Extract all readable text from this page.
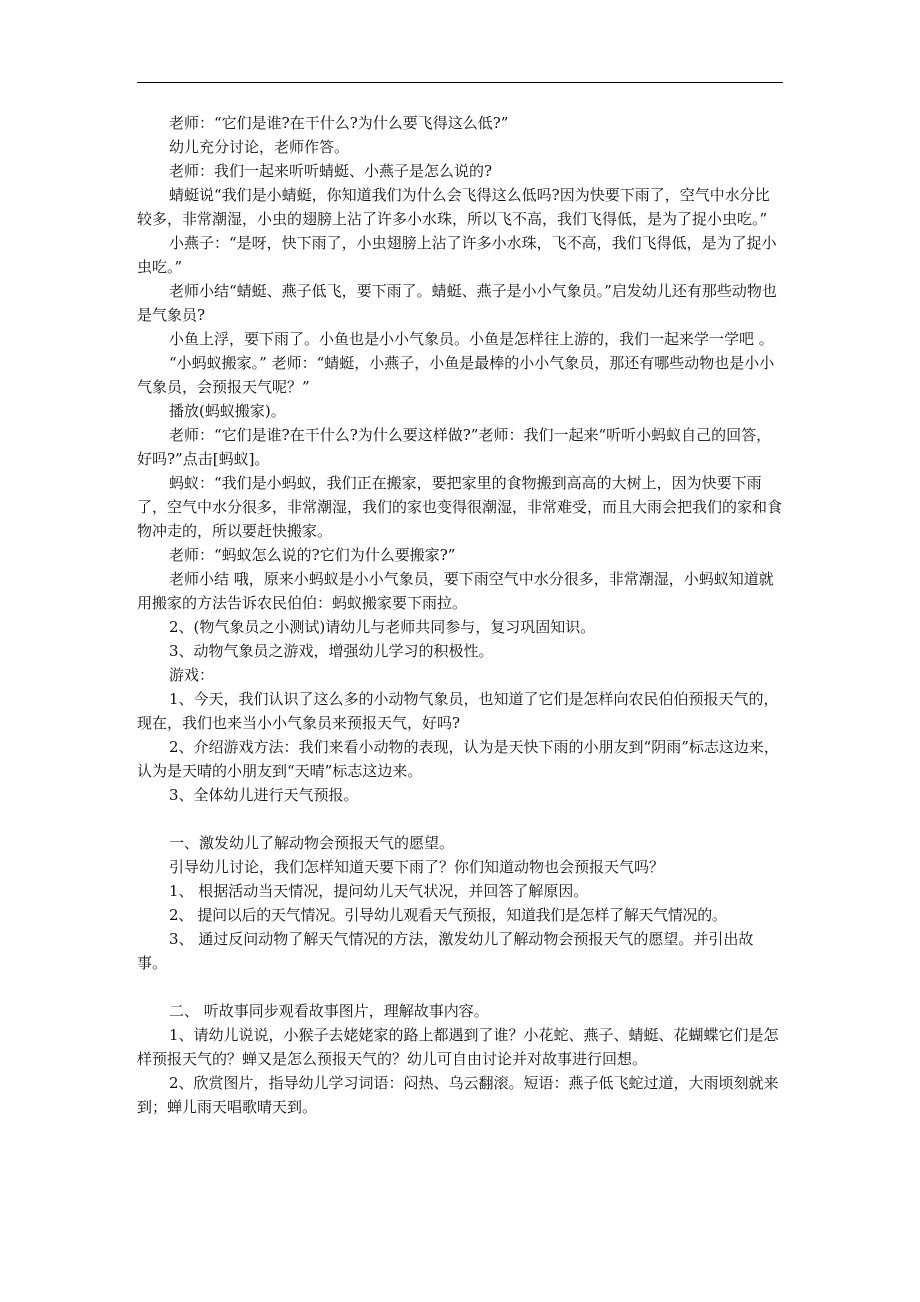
老师：“它们是谁?在干什么?为什么要飞得这么低?”

幼儿充分讨论，老师作答。

老师：我们一起来听听蜻蜓、小燕子是怎么说的?

蜻蜓说“我们是小蜻蜓，你知道我们为什么会飞得这么低吗?因为快要下雨了，空气中水分比较多，非常潮湿，小虫的翅膀上沾了许多小水珠，所以飞不高，我们飞得低，是为了捉小虫吃。”

小燕子：“是呀，快下雨了，小虫翅膀上沾了许多小水珠，飞不高，我们飞得低，是为了捉小虫吃。”

老师小结“蜻蜓、燕子低飞，要下雨了。蜻蜓、燕子是小小气象员。”启发幼儿还有那些动物也是气象员?

小鱼上浮，要下雨了。小鱼也是小小气象员。小鱼是怎样往上游的，我们一起来学一学吧 。

“小蚂蚁搬家。” 老师：“蜻蜓，小燕子，小鱼是最棒的小小气象员，那还有哪些动物也是小小气象员，会预报天气呢？”

播放(蚂蚁搬家)。

老师：“它们是谁?在干什么?为什么要这样做?”老师：我们一起来“听听小蚂蚁自己的回答，好吗?”点击[蚂蚁]。

蚂蚁：“我们是小蚂蚁，我们正在搬家，要把家里的食物搬到高高的大树上，因为快要下雨了，空气中水分很多，非常潮湿，我们的家也变得很潮湿，非常难受，而且大雨会把我们的家和食物冲走的，所以要赶快搬家。

老师：“蚂蚁怎么说的?它们为什么要搬家?”

老师小结 哦，原来小蚂蚁是小小气象员，要下雨空气中水分很多，非常潮湿，小蚂蚁知道就用搬家的方法告诉农民伯伯：蚂蚁搬家要下雨拉。

2、(物气象员之小测试)请幼儿与老师共同参与，复习巩固知识。

3、动物气象员之游戏，增强幼儿学习的积极性。

游戏：

1、今天，我们认识了这么多的小动物气象员，也知道了它们是怎样向农民伯伯预报天气的，现在，我们也来当小小气象员来预报天气，好吗?

2、介绍游戏方法：我们来看小动物的表现，认为是天快下雨的小朋友到“阴雨”标志这边来，认为是天晴的小朋友到“天晴”标志这边来。

3、全体幼儿进行天气预报。

一、激发幼儿了解动物会预报天气的愿望。

引导幼儿讨论，我们怎样知道天要下雨了？你们知道动物也会预报天气吗？

1、 根据活动当天情况，提问幼儿天气状况，并回答了解原因。

2、 提问以后的天气情况。引导幼儿观看天气预报，知道我们是怎样了解天气情况的。

3、 通过反问动物了解天气情况的方法，激发幼儿了解动物会预报天气的愿望。并引出故事。

二、 听故事同步观看故事图片，理解故事内容。

1、请幼儿说说，小猴子去姥姥家的路上都遇到了谁？小花蛇、燕子、蜻蜓、花蝴蝶它们是怎样预报天气的？蝉又是怎么预报天气的？幼儿可自由讨论并对故事进行回想。

2、欣赏图片，指导幼儿学习词语：闷热、乌云翻滚。短语：燕子低飞蛇过道，大雨顷刻就来到；蝉儿雨天唱歌晴天到。
